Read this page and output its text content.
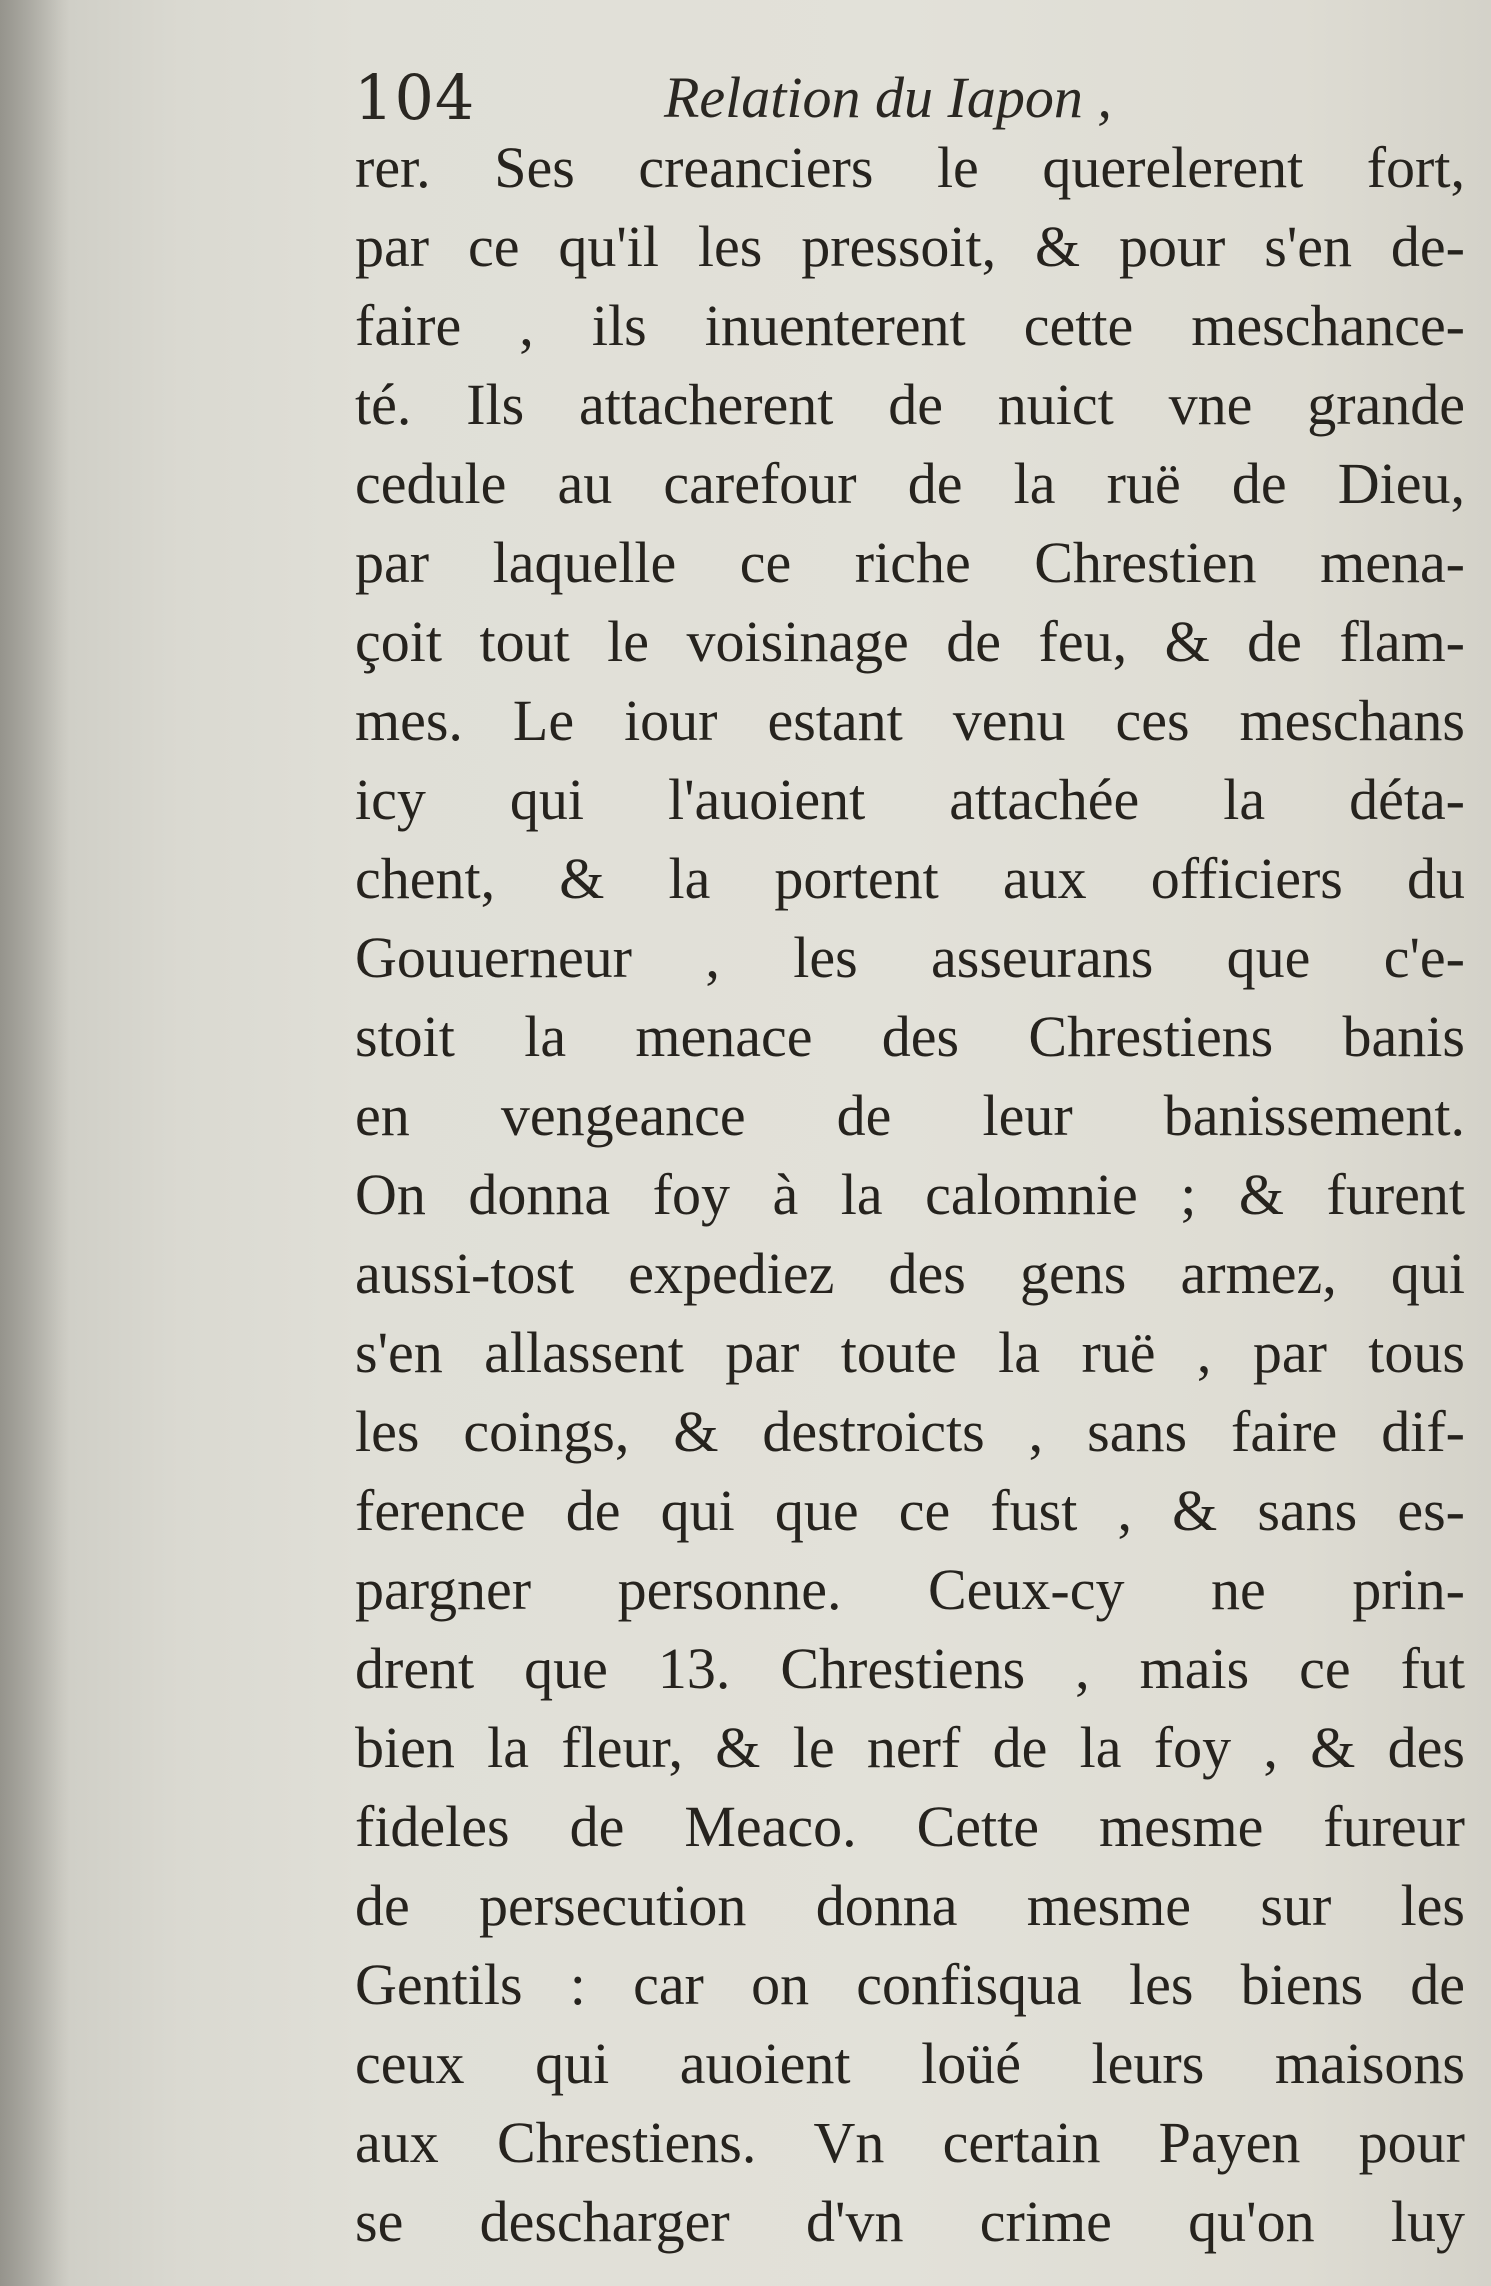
104	Relation du Iapon ,
rer. Ses creanciers le querelerent fort,
par ce qu'il les pressoit, & pour s'en de-
faire , ils inuenterent cette meschance-
té. Ils attacherent de nuict vne grande
cedule au carefour de la ruë de Dieu,
par laquelle ce riche Chrestien mena-
çoit tout le voisinage de feu, & de flam-
mes. Le iour estant venu ces meschans
icy qui l'auoient attachée la déta-
chent, & la portent aux officiers du
Gouuerneur , les asseurans que c'e-
stoit la menace des Chrestiens banis
en vengeance de leur banissement.
On donna foy à la calomnie ; & furent
aussi-tost expediez des gens armez, qui
s'en allassent par toute la ruë , par tous
les coings, & destroicts , sans faire dif-
ference de qui que ce fust , & sans es-
pargner personne. Ceux-cy ne prin-
drent que 13. Chrestiens , mais ce fut
bien la fleur, & le nerf de la foy , & des
fideles de Meaco. Cette mesme fureur
de persecution donna mesme sur les
Gentils : car on confisqua les biens de
ceux qui auoient loüé leurs maisons
aux Chrestiens. Vn certain Payen pour
se descharger d'vn crime qu'on luy
